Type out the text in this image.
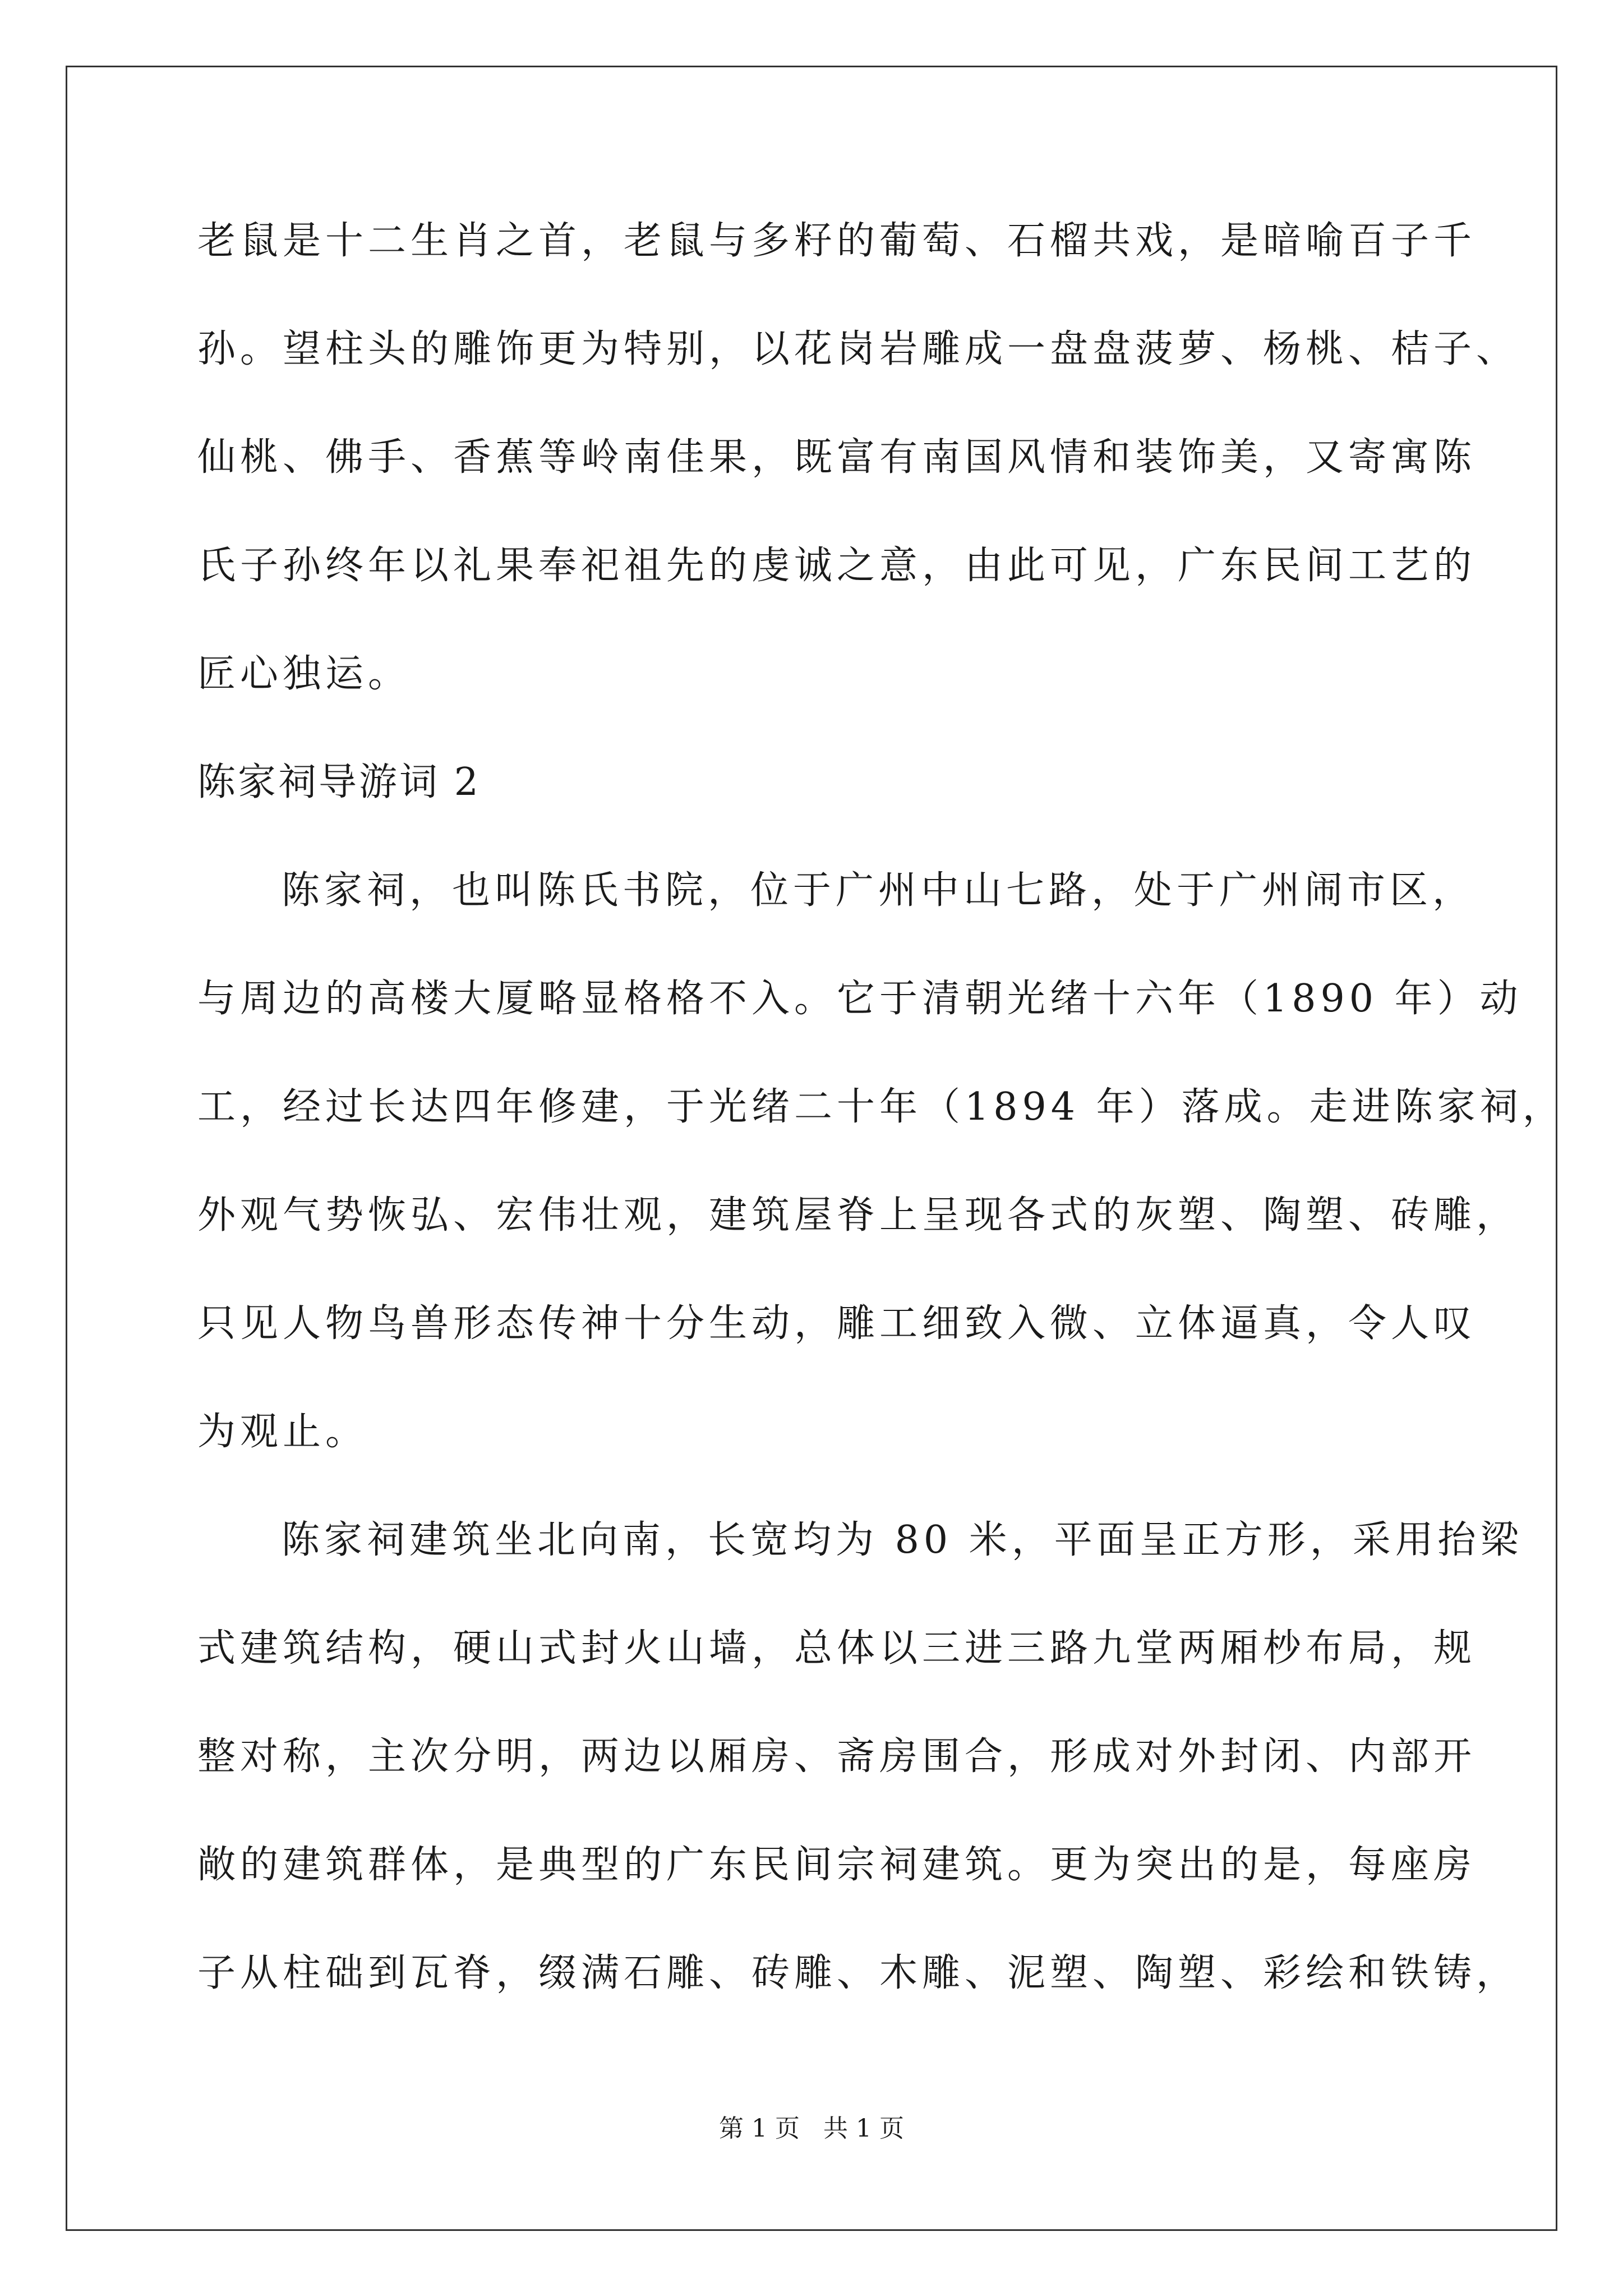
老鼠是十二生肖之首，老鼠与多籽的葡萄、石榴共戏，是暗喻百子千
孙。望柱头的雕饰更为特别，以花岗岩雕成一盘盘菠萝、杨桃、桔子、
仙桃、佛手、香蕉等岭南佳果，既富有南国风情和装饰美，又寄寓陈
氏子孙终年以礼果奉祀祖先的虔诚之意，由此可见，广东民间工艺的
匠心独运。
陈家祠导游词 2
陈家祠，也叫陈氏书院，位于广州中山七路，处于广州闹市区，
与周边的高楼大厦略显格格不入。它于清朝光绪十六年（1890 年）动
工，经过长达四年修建，于光绪二十年（1894 年）落成。走进陈家祠，
外观气势恢弘、宏伟壮观，建筑屋脊上呈现各式的灰塑、陶塑、砖雕，
只见人物鸟兽形态传神十分生动，雕工细致入微、立体逼真，令人叹
为观止。
陈家祠建筑坐北向南，长宽均为 80 米，平面呈正方形，采用抬梁
式建筑结构，硬山式封火山墙，总体以三进三路九堂两厢杪布局，规
整对称，主次分明，两边以厢房、斋房围合，形成对外封闭、内部开
敞的建筑群体，是典型的广东民间宗祠建筑。更为突出的是，每座房
子从柱础到瓦脊，缀满石雕、砖雕、木雕、泥塑、陶塑、彩绘和铁铸，
第 1 页   共 1 页
